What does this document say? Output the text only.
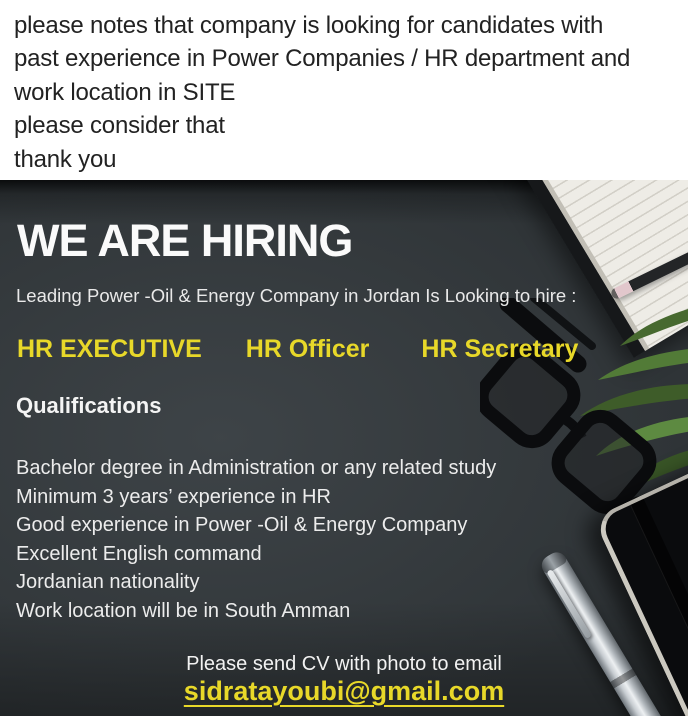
please notes that company is looking for candidates with
past experience in Power Companies / HR department and
work location in SITE
please consider that
thank you
WE ARE HIRING
Leading Power -Oil & Energy Company in Jordan Is Looking to hire :
HR EXECUTIVE HR Officer HR Secretary
Qualifications
Bachelor degree in Administration or any related study
Minimum 3 years’ experience in HR
Good experience in Power -Oil & Energy Company
Excellent English command
Jordanian nationality
Work location will be in South Amman
Please send CV with photo to email
sidratayoubi@gmail.com
